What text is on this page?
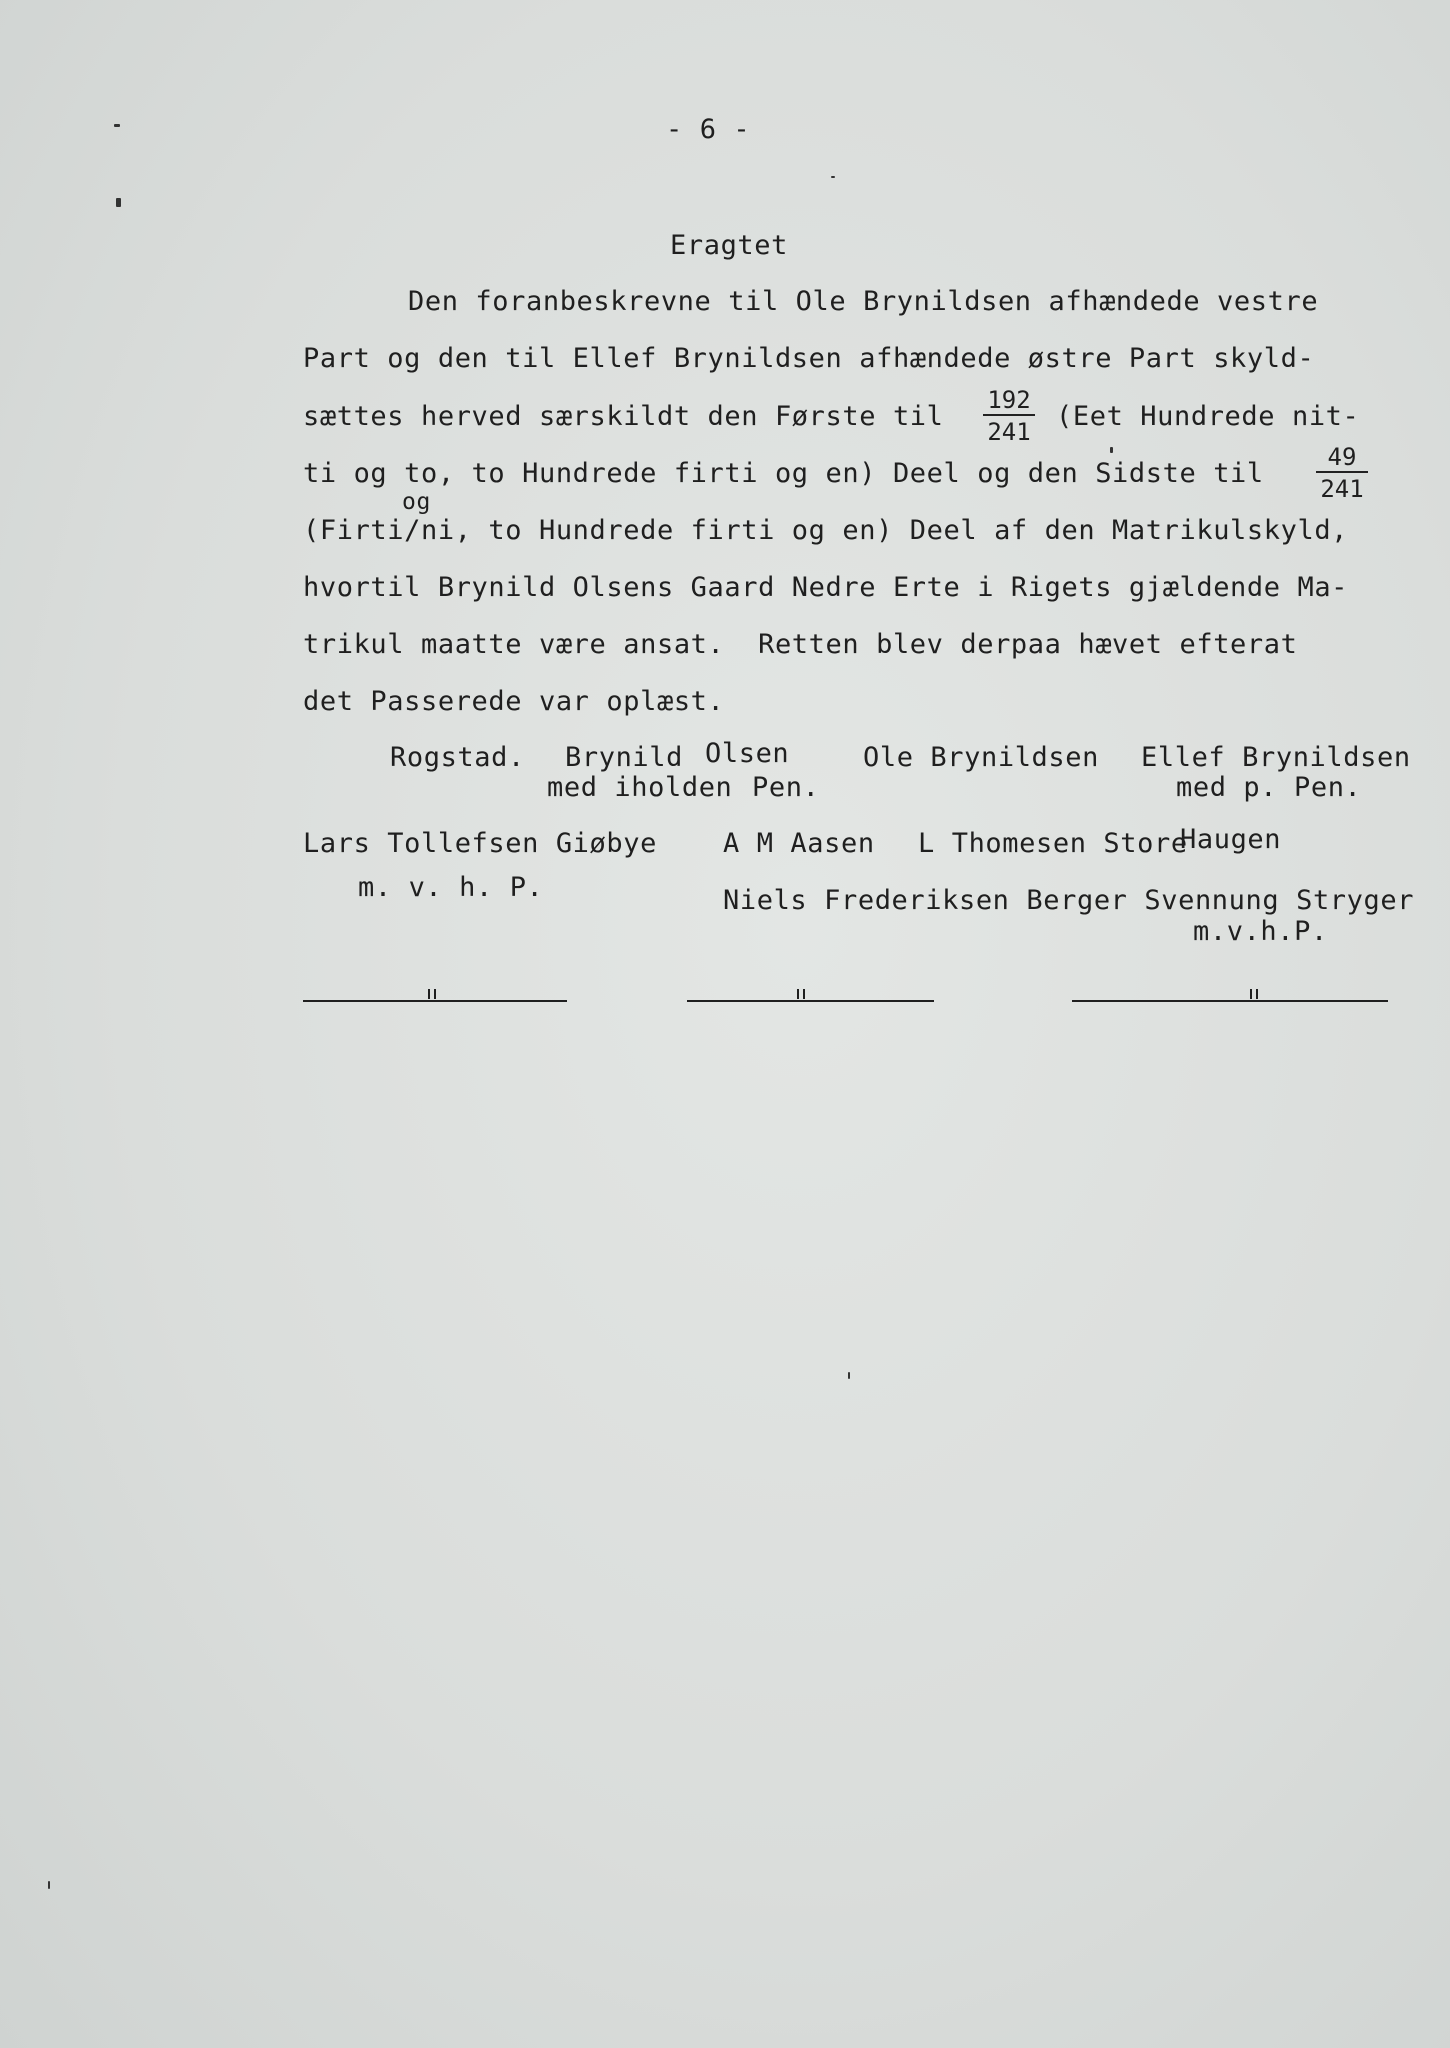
- 6 -
Eragtet
Den foranbeskrevne til Ole Brynildsen afhændede vestre
Part og den til Ellef Brynildsen afhændede østre Part skyld-
sættes herved særskildt den Første til
192
241 (Eet Hundrede nit-
ti og to, to Hundrede firti og en) Deel og den Sidste til
49
241
og
(Firti/ni, to Hundrede firti og en) Deel af den Matrikulskyld,
hvortil Brynild Olsens Gaard Nedre Erte i Rigets gjældende Ma-
trikul maatte være ansat.  Retten blev derpaa hævet efterat
det Passerede var oplæst.
Rogstad. Brynild Olsen	Ole Brynildsen Ellef Brynildsen
med iholden Pen.	med p. Pen.
Lars Tollefsen Giøbye A M Aasen L Thomesen Store
Haugen
m. v. h. P.	Niels Frederiksen Berger Svennung Stryger
m.v.h.P.
